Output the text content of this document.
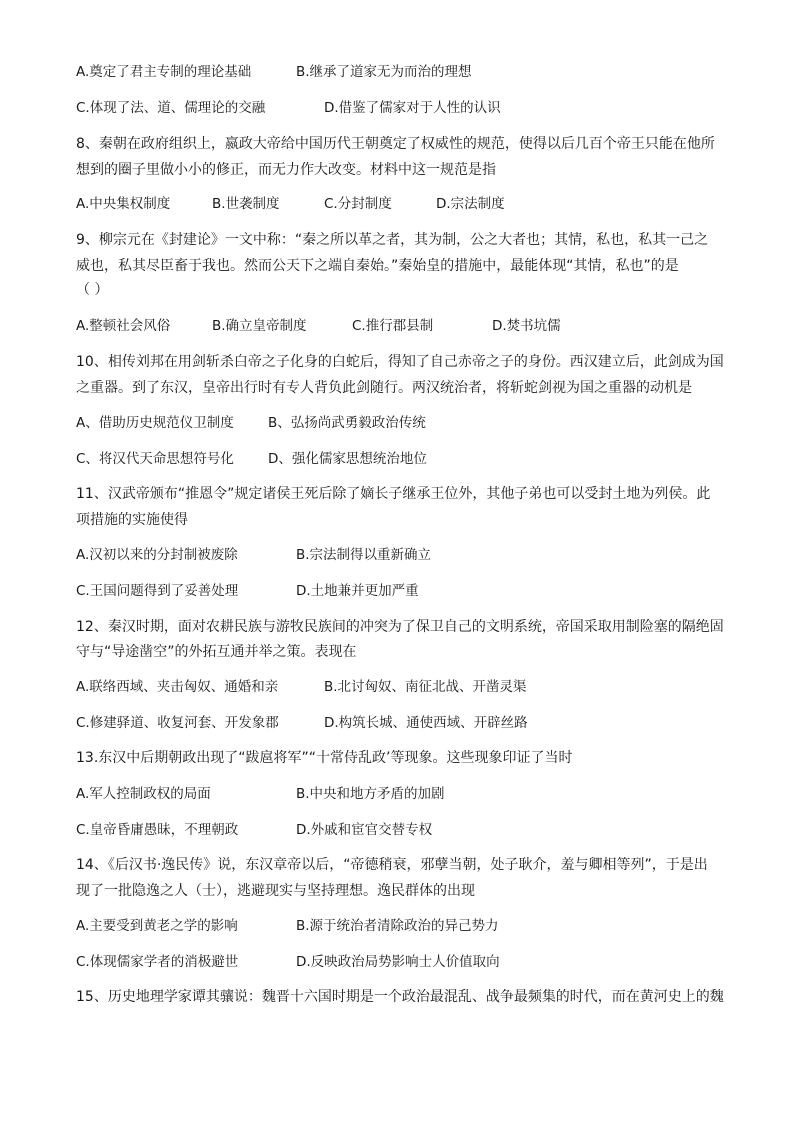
A.奠定了君主专制的理论基础	B.继承了道家无为而治的理想
C.体现了法、道、儒理论的交融	D.借鉴了儒家对于人性的认识
8、秦朝在政府组织上，嬴政大帝给中国历代王朝奠定了权威性的规范，使得以后几百个帝王只能在他所
想到的圈子里做小小的修正，而无力作大改变。材料中这一规范是指
A.中央集权制度	B.世袭制度	C.分封制度	D.宗法制度
9、柳宗元在《封建论》一文中称：“秦之所以革之者，其为制，公之大者也；其情，私也，私其一己之
威也，私其尽臣畜于我也。然而公天下之端自秦始。”秦始皇的措施中，最能体现“其情，私也”的是
（ ）
A.整顿社会风俗	B.确立皇帝制度	C.推行郡县制	D.焚书坑儒
10、相传刘邦在用剑斩杀白帝之子化身的白蛇后，得知了自己赤帝之子的身份。西汉建立后，此剑成为国
之重器。到了东汉，皇帝出行时有专人背负此剑随行。两汉统治者，将斩蛇剑视为国之重器的动机是
A、借助历史规范仪卫制度	B、弘扬尚武勇毅政治传统
C、将汉代天命思想符号化	D、强化儒家思想统治地位
11、汉武帝颁布“推恩令”规定诸侯王死后除了嫡长子继承王位外，其他子弟也可以受封土地为列侯。此
项措施的实施使得
A.汉初以来的分封制被废除	B.宗法制得以重新确立
C.王国问题得到了妥善处理	D.土地兼并更加严重
12、秦汉时期，面对农耕民族与游牧民族间的冲突为了保卫自己的文明系统，帝国采取用制险塞的隔绝固
守与“导途凿空”的外拓互通并举之策。表现在
A.联络西域、夹击匈奴、通婚和亲	B.北讨匈奴、南征北战、开凿灵渠
C.修建驿道、收复河套、开发象郡	D.构筑长城、通使西域、开辟丝路
13.东汉中后期朝政出现了“跋扈将军”“十常侍乱政’等现象。这些现象印证了当时
A.军人控制政权的局面	B.中央和地方矛盾的加剧
C.皇帝昏庸愚昧，不理朝政	D.外戚和宦官交替专权
14、《后汉书·逸民传》说，东汉章帝以后，“帝德稍衰，邪孽当朝，处子耿介，羞与卿相等列”，于是出
现了一批隐逸之人（士），逃避现实与坚持理想。逸民群体的出现
A.主要受到黄老之学的影响	B.源于统治者清除政治的异己势力
C.体现儒家学者的消极避世	D.反映政治局势影响士人价值取向
15、历史地理学家谭其骧说：魏晋十六国时期是一个政治最混乱、战争最频集的时代，而在黄河史上的魏
